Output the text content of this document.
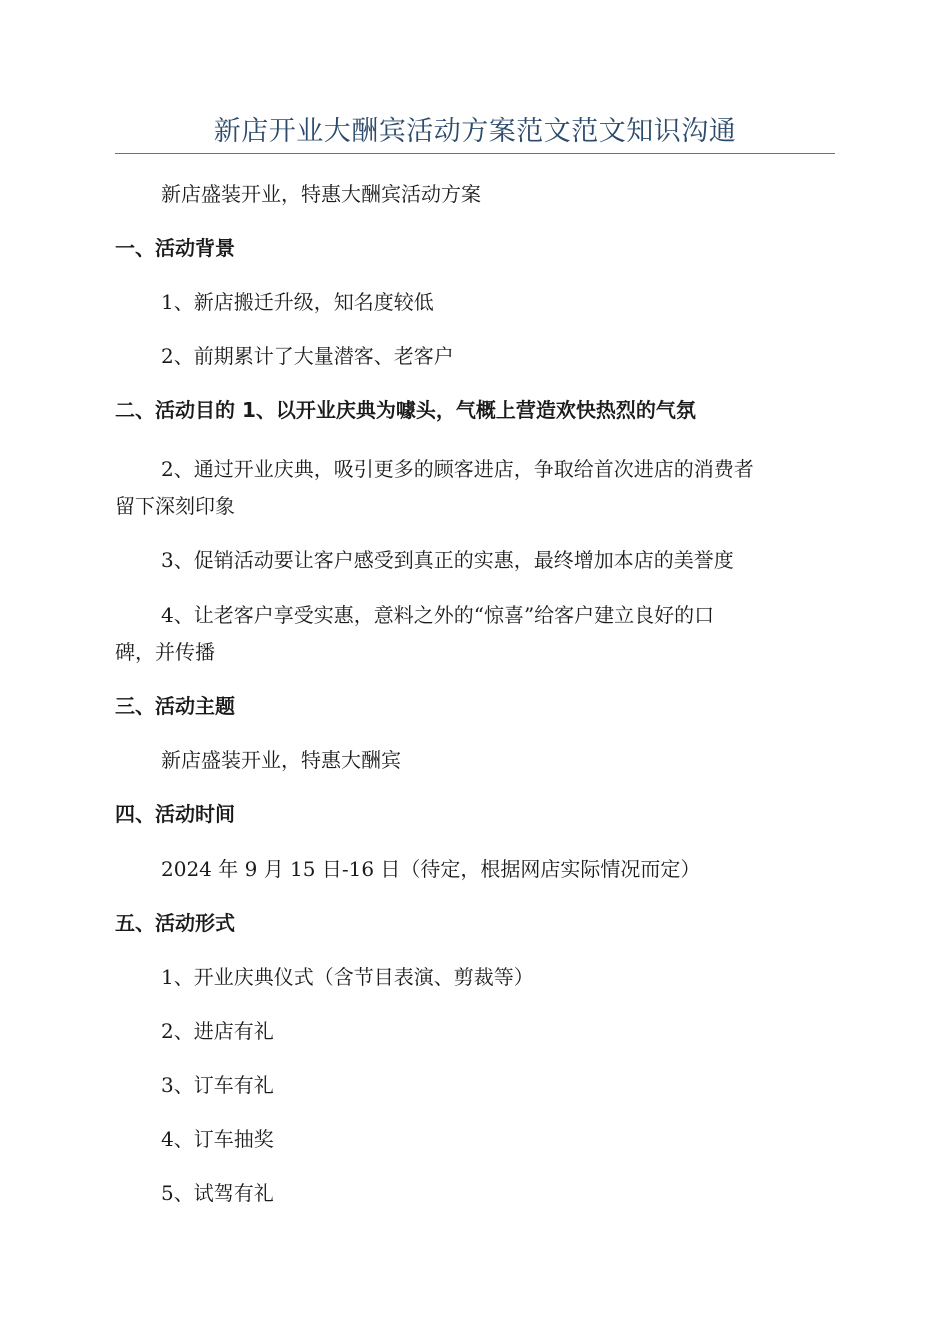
新店开业大酬宾活动方案范文范文知识沟通
新店盛装开业，特惠大酬宾活动方案
一、活动背景
1、新店搬迁升级，知名度较低
2、前期累计了大量潜客、老客户
二、活动目的 1、以开业庆典为噱头，气概上营造欢快热烈的气氛
2、通过开业庆典，吸引更多的顾客进店，争取给首次进店的消费者
留下深刻印象
3、促销活动要让客户感受到真正的实惠，最终增加本店的美誉度
4、让老客户享受实惠，意料之外的“惊喜”给客户建立良好的口
碑，并传播
三、活动主题
新店盛装开业，特惠大酬宾
四、活动时间
2024 年 9 月 15 日-16 日（待定，根据网店实际情况而定）
五、活动形式
1、开业庆典仪式（含节目表演、剪裁等）
2、进店有礼
3、订车有礼
4、订车抽奖
5、试驾有礼
